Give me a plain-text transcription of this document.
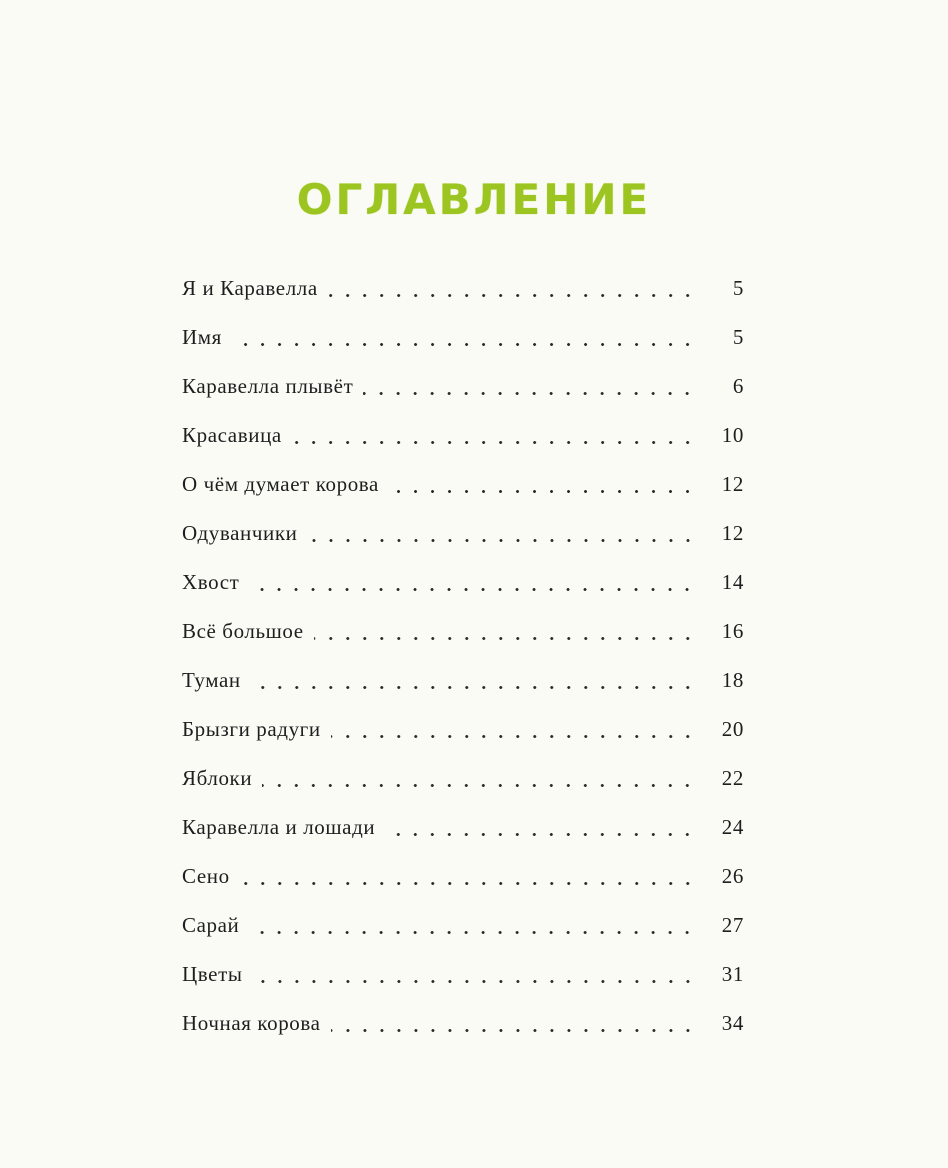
ОГЛАВЛЕНИЕ
Я и Каравелла	5
Имя	5
Каравелла плывёт	6
Красавица	10
О чём думает корова	12
Одуванчики	12
Хвост	14
Всё большое	16
Туман	18
Брызги радуги	20
Яблоки	22
Каравелла и лошади	24
Сено	26
Сарай	27
Цветы	31
Ночная корова	34
